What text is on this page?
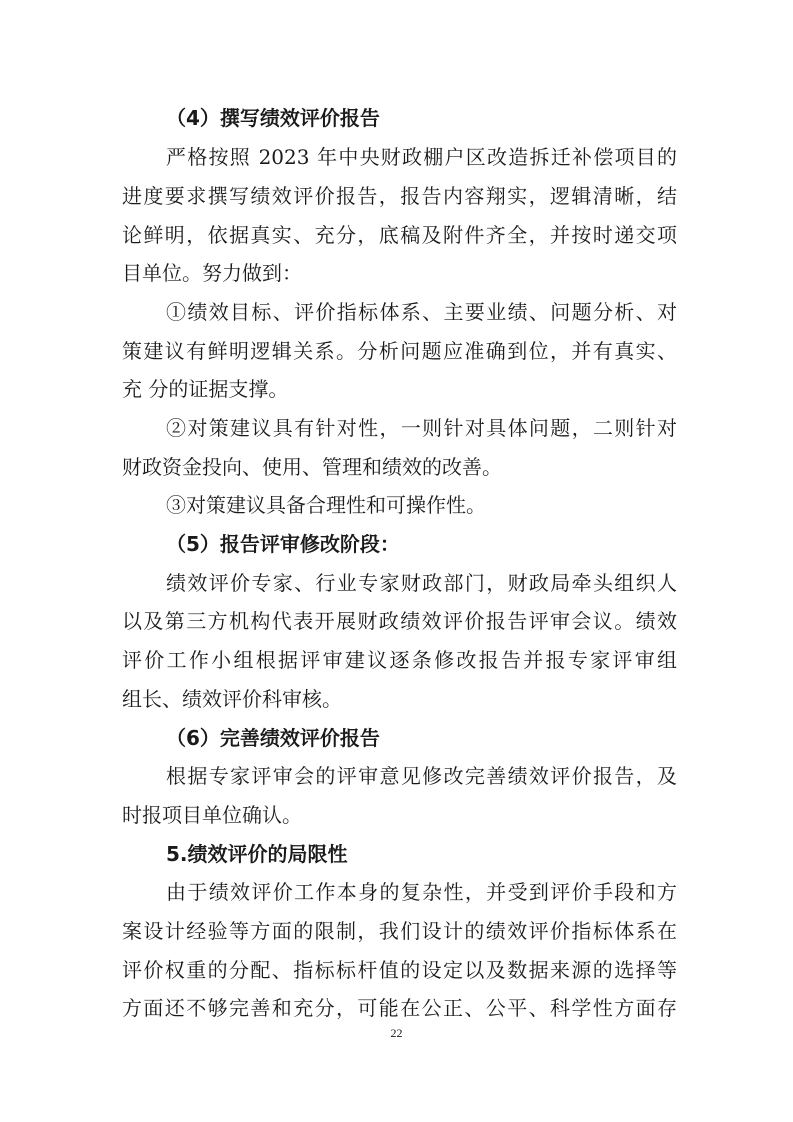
（4）撰写绩效评价报告
严格按照 2023 年中央财政棚户区改造拆迁补偿项目的
进度要求撰写绩效评价报告，报告内容翔实，逻辑清晰，结
论鲜明，依据真实、充分，底稿及附件齐全，并按时递交项
目单位。努力做到：
①绩效目标、评价指标体系、主要业绩、问题分析、对
策建议有鲜明逻辑关系。分析问题应准确到位，并有真实、
充 分的证据支撑。
②对策建议具有针对性，一则针对具体问题，二则针对
财政资金投向、使用、管理和绩效的改善。
③对策建议具备合理性和可操作性。
（5）报告评审修改阶段：
绩效评价专家、行业专家财政部门，财政局牵头组织人
以及第三方机构代表开展财政绩效评价报告评审会议。绩效
评价工作小组根据评审建议逐条修改报告并报专家评审组
组长、绩效评价科审核。
（6）完善绩效评价报告
根据专家评审会的评审意见修改完善绩效评价报告，及
时报项目单位确认。
5.绩效评价的局限性
由于绩效评价工作本身的复杂性，并受到评价手段和方
案设计经验等方面的限制，我们设计的绩效评价指标体系在
评价权重的分配、指标标杆值的设定以及数据来源的选择等
方面还不够完善和充分，可能在公正、公平、科学性方面存
22
